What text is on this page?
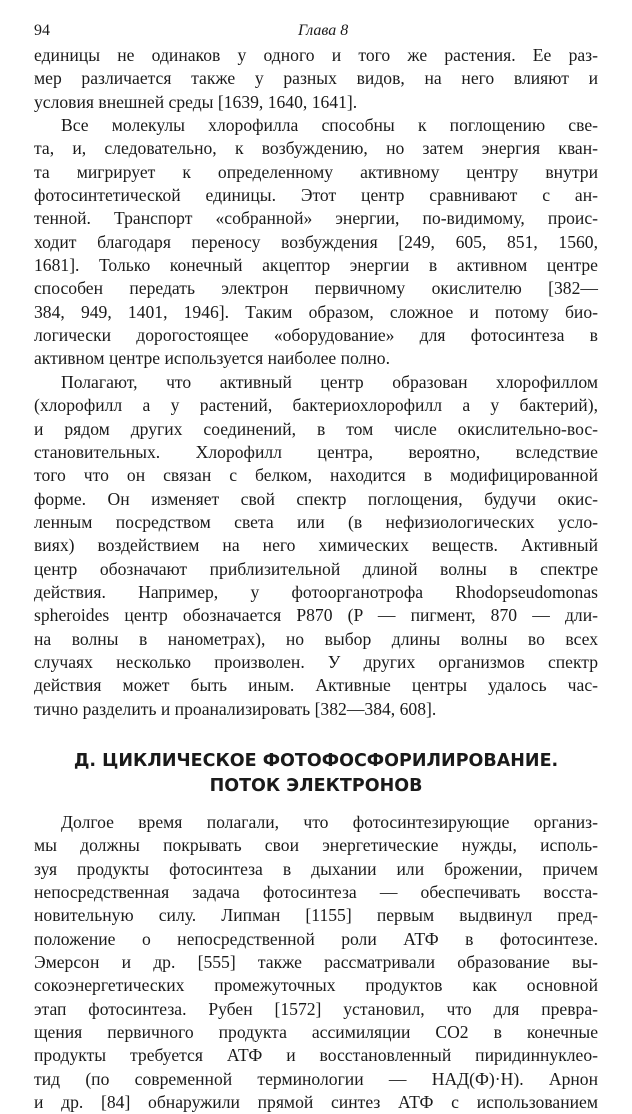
94	Глава 8

единицы не одинаков у одного и того же растения. Ее раз-
мер различается также у разных видов, на него влияют и
условия внешней среды [1639, 1640, 1641].

Все молекулы хлорофилла способны к поглощению све-
та, и, следовательно, к возбуждению, но затем энергия кван-
та мигрирует к определенному активному центру внутри
фотосинтетической единицы. Этот центр сравнивают с ан-
тенной. Транспорт «собранной» энергии, по-видимому, проис-
ходит благодаря переносу возбуждения [249, 605, 851, 1560,
1681]. Только конечный акцептор энергии в активном центре
способен передать электрон первичному окислителю [382—
384, 949, 1401, 1946]. Таким образом, сложное и потому био-
логически дорогостоящее «оборудование» для фотосинтеза в
активном центре используется наиболее полно.

Полагают, что активный центр образован хлорофиллом
(хлорофилл a у растений, бактериохлорофилл a у бактерий),
и рядом других соединений, в том числе окислительно-вос-
становительных. Хлорофилл центра, вероятно, вследствие
того что он связан с белком, находится в модифицированной
форме. Он изменяет свой спектр поглощения, будучи окис-
ленным посредством света или (в нефизиологических усло-
виях) воздействием на него химических веществ. Активный
центр обозначают приблизительной длиной волны в спектре
действия. Например, у фотоорганотрофа Rhodopseudomonas
spheroides центр обозначается P870 (P — пигмент, 870 — дли-
на волны в нанометрах), но выбор длины волны во всех
случаях несколько произволен. У других организмов спектр
действия может быть иным. Активные центры удалось час-
тично разделить и проанализировать [382—384, 608].

Д. ЦИКЛИЧЕСКОЕ ФОТОФОСФОРИЛИРОВАНИЕ.
ПОТОК ЭЛЕКТРОНОВ

Долгое время полагали, что фотосинтезирующие организ-
мы должны покрывать свои энергетические нужды, исполь-
зуя продукты фотосинтеза в дыхании или брожении, причем
непосредственная задача фотосинтеза — обеспечивать восста-
новительную силу. Липман [1155] первым выдвинул пред-
положение о непосредственной роли АТФ в фотосинтезе.
Эмерсон и др. [555] также рассматривали образование вы-
сокоэнергетических промежуточных продуктов как основной
этап фотосинтеза. Рубен [1572] установил, что для превра-
щения первичного продукта ассимиляции CO2 в конечные
продукты требуется АТФ и восстановленный пиридиннуклео-
тид (по современной терминологии — НАД(Ф)·Н). Арнон
и др. [84] обнаружили прямой синтез АТФ с использованием
